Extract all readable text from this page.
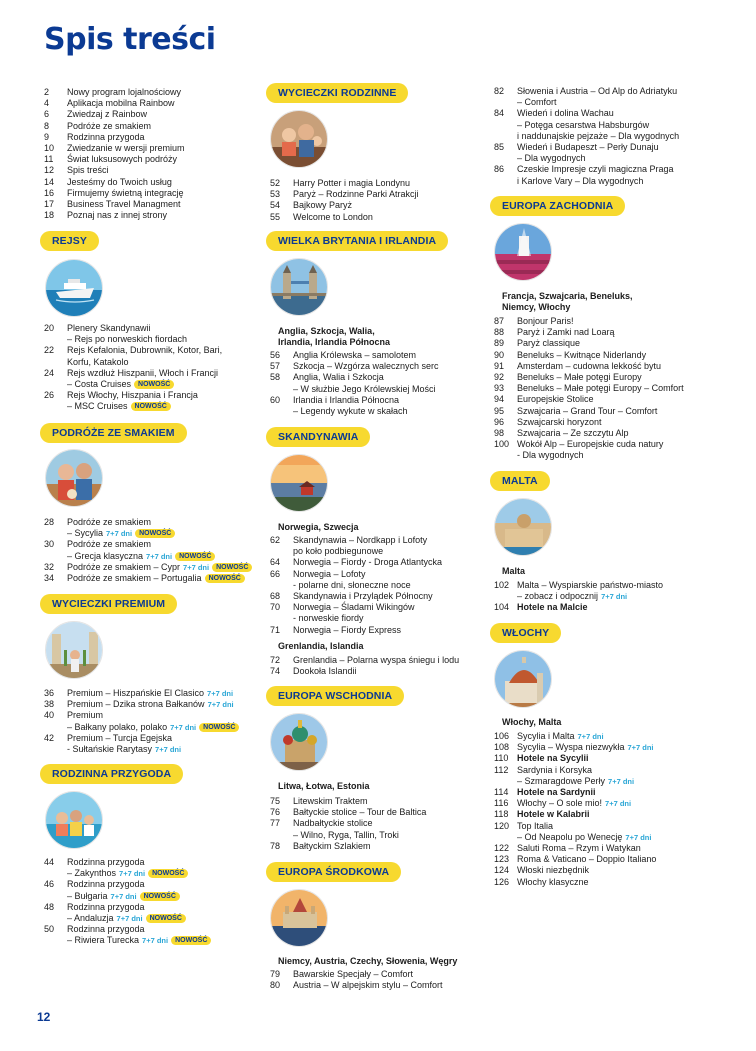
Spis treści
2	Nowy program lojalnościowy
4	Aplikacja mobilna Rainbow
6	Zwiedzaj z Rainbow
8	Podróże ze smakiem
9	Rodzinna przygoda
10	Zwiedzanie w wersji premium
11	Świat luksusowych podróży
12	Spis treści
14	Jesteśmy do Twoich usług
16	Firmujemy świetną integrację
17	Business Travel Managment
18	Poznaj nas z innej strony
REJSY
20	Plenery Skandynawii
– Rejs po norweskich fiordach
22	Rejs Kefalonia, Dubrownik, Kotor, Bari,
Korfu, Katakolo
24	Rejs wzdłuż Hiszpanii, Włoch i Francji
– Costa Cruises NOWOŚĆ
26	Rejs Włochy, Hiszpania i Francja
– MSC Cruises NOWOŚĆ
PODRÓŻE ZE SMAKIEM
28	Podróże ze smakiem
– Sycylia 7+7 dni NOWOŚĆ
30	Podróże ze smakiem
– Grecja klasyczna 7+7 dni NOWOŚĆ
32	Podróże ze smakiem – Cypr 7+7 dni NOWOŚĆ
34	Podróże ze smakiem – Portugalia NOWOŚĆ
WYCIECZKI PREMIUM
36	Premium – Hiszpańskie El Clasico 7+7 dni
38	Premium – Dzika strona Bałkanów 7+7 dni
40	Premium
– Bałkany polako, polako 7+7 dni NOWOŚĆ
42	Premium – Turcja Egejska
- Sułtańskie Rarytasy 7+7 dni
RODZINNA PRZYGODA
44	Rodzinna przygoda
– Zakynthos 7+7 dni NOWOŚĆ
46	Rodzinna przygoda
– Bułgaria 7+7 dni NOWOŚĆ
48	Rodzinna przygoda
– Andaluzja 7+7 dni NOWOŚĆ
50	Rodzinna przygoda
– Riwiera Turecka 7+7 dni NOWOŚĆ
WYCIECZKI RODZINNE
52	Harry Potter i magia Londynu
53	Paryż – Rodzinne Parki Atrakcji
54	Bajkowy Paryż
55	Welcome to London
WIELKA BRYTANIA I IRLANDIA
Anglia, Szkocja, Walia,
Irlandia, Irlandia Północna
56	Anglia Królewska – samolotem
57	Szkocja – Wzgórza walecznych serc
58	Anglia, Walia i Szkocja
– W służbie Jego Królewskiej Mości
60	Irlandia i Irlandia Północna
– Legendy wykute w skałach
SKANDYNAWIA
Norwegia, Szwecja
62	Skandynawia – Nordkapp i Lofoty
po koło podbiegunowe
64	Norwegia – Fiordy - Droga Atlantycka
66	Norwegia – Lofoty
- polarne dni, słoneczne noce
68	Skandynawia i Przylądek Północny
70	Norwegia – Śladami Wikingów
- norweskie fiordy
71	Norwegia – Fiordy Express
Grenlandia, Islandia
72	Grenlandia – Polarna wyspa śniegu i lodu
74	Dookoła Islandii
EUROPA WSCHODNIA
Litwa, Łotwa, Estonia
75	Litewskim Traktem
76	Bałtyckie stolice – Tour de Baltica
77	Nadbałtyckie stolice
– Wilno, Ryga, Tallin, Troki
78	Bałtyckim Szlakiem
EUROPA ŚRODKOWA
Niemcy, Austria, Czechy, Słowenia, Węgry
79	Bawarskie Specjały – Comfort
80	Austria – W alpejskim stylu – Comfort
82	Słowenia i Austria – Od Alp do Adriatyku
– Comfort
84	Wiedeń i dolina Wachau
– Potęga cesarstwa Habsburgów
i naddunajskie pejzaże – Dla wygodnych
85	Wiedeń i Budapeszt – Perły Dunaju
– Dla wygodnych
86	Czeskie Impresje czyli magiczna Praga
i Karlove Vary – Dla wygodnych
EUROPA ZACHODNIA
Francja, Szwajcaria, Beneluks,
Niemcy, Włochy
87	Bonjour Paris!
88	Paryż i Zamki nad Loarą
89	Paryż classique
90	Beneluks – Kwitnące Niderlandy
91	Amsterdam – cudowna lekkość bytu
92	Beneluks – Małe potęgi Europy
93	Beneluks – Małe potęgi Europy – Comfort
94	Europejskie Stolice
95	Szwajcaria – Grand Tour – Comfort
96	Szwajcarski horyzont
98	Szwajcaria – Ze szczytu Alp
100 Wokół Alp – Europejskie cuda natury
- Dla wygodnych
MALTA
Malta
102 Malta – Wyspiarskie państwo-miasto
– zobacz i odpocznij 7+7 dni
104 Hotele na Malcie
WŁOCHY
Włochy, Malta
106 Sycylia i Malta 7+7 dni
108 Sycylia – Wyspa niezwykła 7+7 dni
110 Hotele na Sycylii
112 Sardynia i Korsyka
– Szmaragdowe Perły 7+7 dni
114 Hotele na Sardynii
116 Włochy – O sole mio! 7+7 dni
118 Hotele w Kalabrii
120 Top Italia
– Od Neapolu po Wenecję 7+7 dni
122 Saluti Roma – Rzym i Watykan
123 Roma & Vaticano – Doppio Italiano
124 Włoski niezbędnik
126 Włochy klasyczne
12
